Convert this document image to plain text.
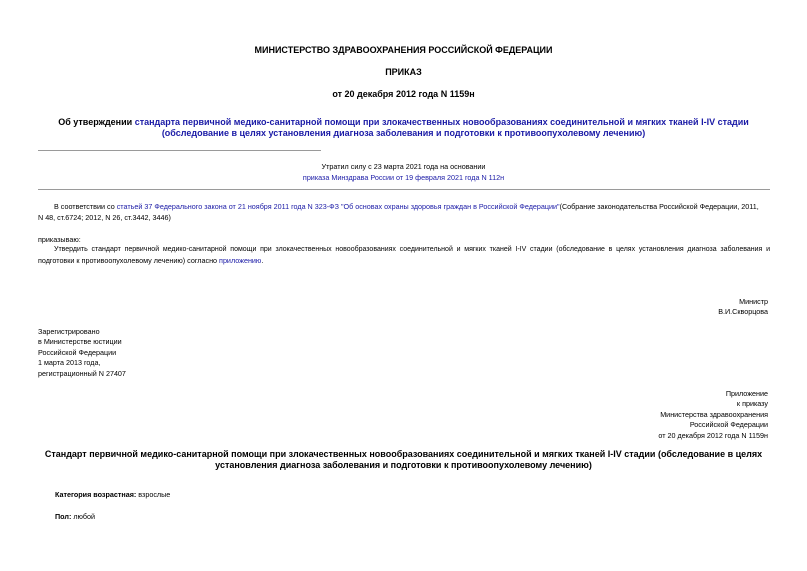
МИНИСТЕРСТВО ЗДРАВООХРАНЕНИЯ РОССИЙСКОЙ ФЕДЕРАЦИИ
ПРИКАЗ
от 20 декабря 2012 года N 1159н
Об утверждении стандарта первичной медико-санитарной помощи при злокачественных новообразованиях соединительной и мягких тканей I-IV стадии
(обследование в целях установления диагноза заболевания и подготовки к противоопухолевому лечению)
Утратил силу с 23 марта 2021 года на основании
приказа Минздрава России от 19 февраля 2021 года N 112н
В соответствии со статьей 37 Федерального закона от 21 ноября 2011 года N 323-ФЗ "Об основах охраны здоровья граждан в Российской Федерации"(Собрание законодательства Российской Федерации, 2011,
N 48, ст.6724; 2012, N 26, ст.3442, 3446)
приказываю:
Утвердить стандарт первичной медико-санитарной помощи при злокачественных новообразованиях соединительной и мягких тканей I-IV стадии (обследование в целях установления диагноза заболевания и
подготовки к противоопухолевому лечению) согласно приложению.
Министр
В.И.Скворцова
Зарегистрировано
в Министерстве юстиции
Российской Федерации
1 марта 2013 года,
регистрационный N 27407
Приложение
к приказу
Министерства здравоохранения
Российской Федерации
от 20 декабря 2012 года N 1159н
Стандарт первичной медико-санитарной помощи при злокачественных новообразованиях соединительной и мягких тканей I-IV стадии (обследование в целях
установления диагноза заболевания и подготовки к противоопухолевому лечению)
Категория возрастная: взрослые
Пол: любой
